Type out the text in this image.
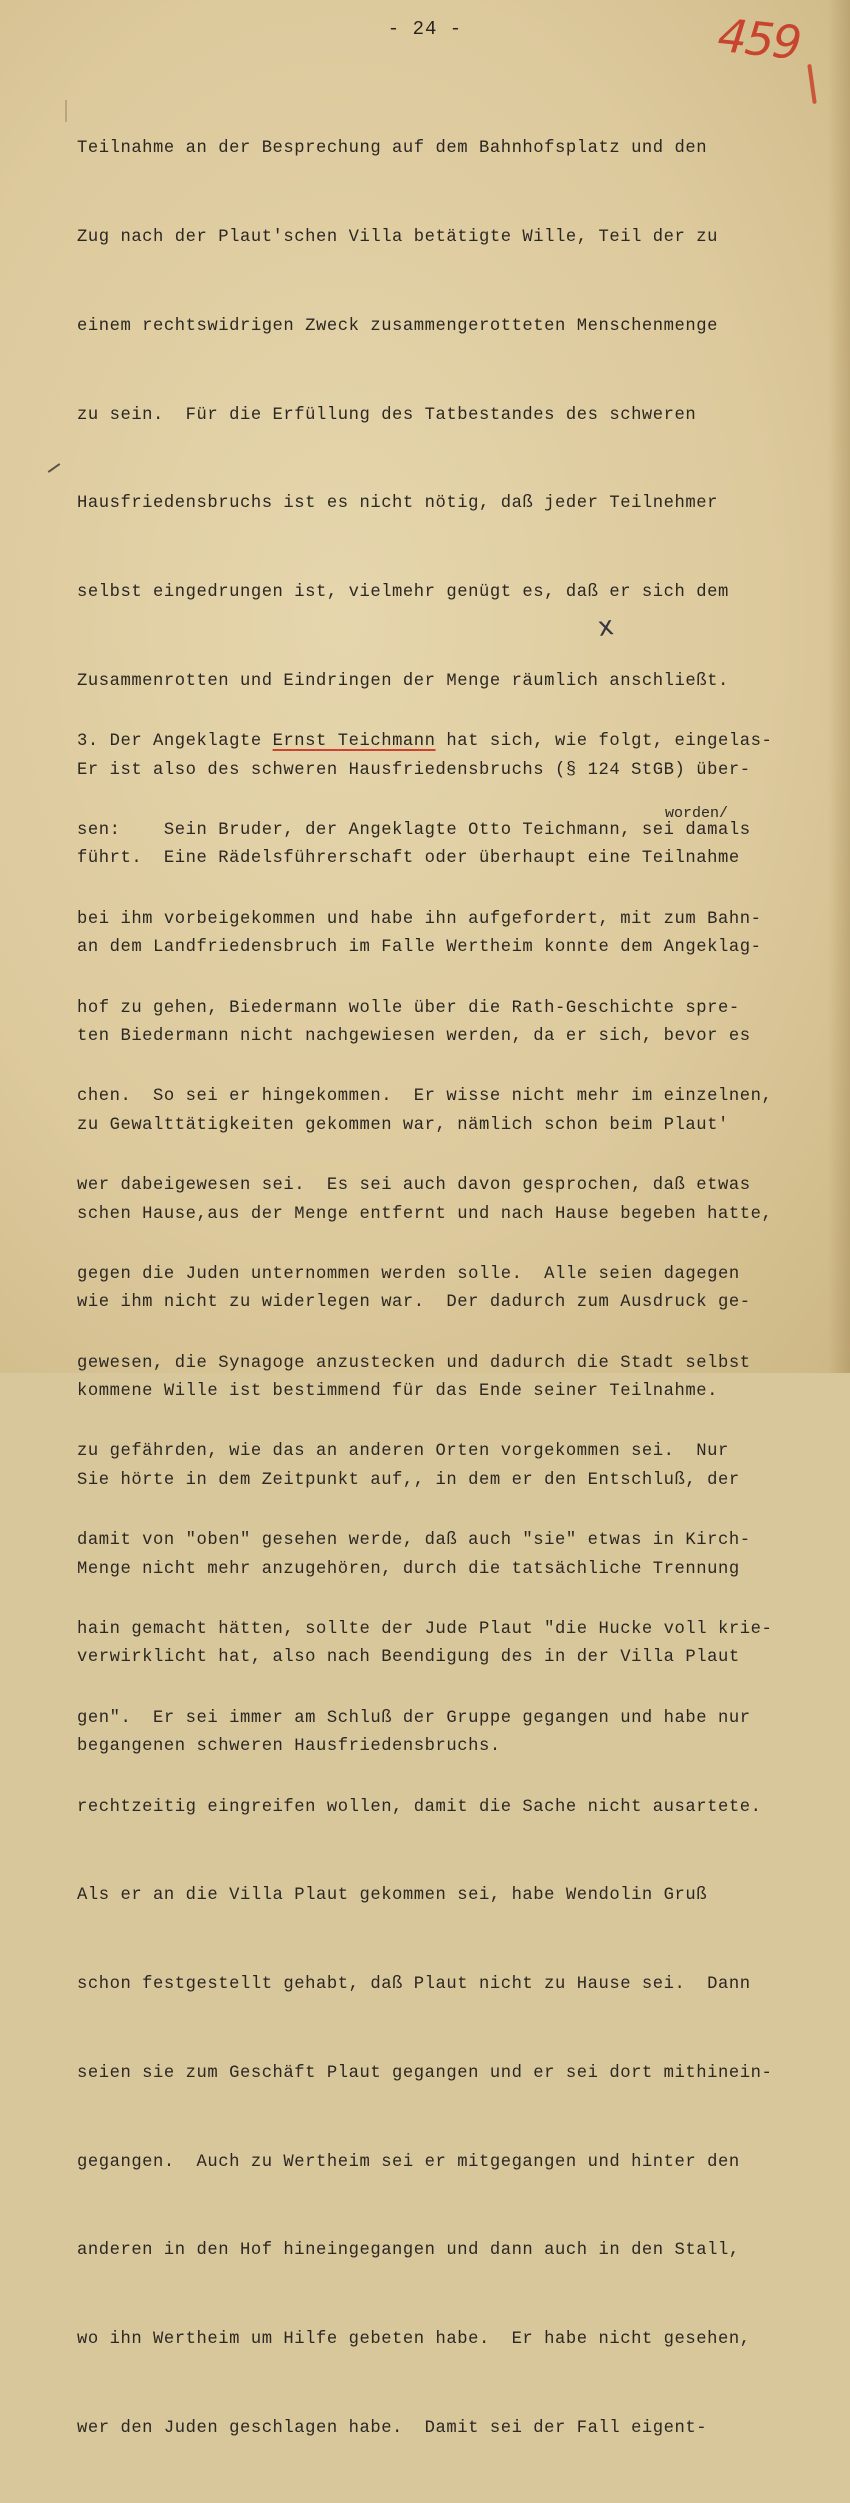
- 24 -	459

Teilnahme an der Besprechung auf dem Bahnhofsplatz und den

Zug nach der Plaut'schen Villa betätigte Wille, Teil der zu

einem rechtswidrigen Zweck zusammengerotteten Menschenmenge

zu sein.  Für die Erfüllung des Tatbestandes des schweren

Hausfriedensbruchs ist es nicht nötig, daß jeder Teilnehmer

selbst eingedrungen ist, vielmehr genügt es, daß er sich dem

Zusammenrotten und Eindringen der Menge räumlich anschließt.

Er ist also des schweren Hausfriedensbruchs (§ 124 StGB) über-

führt.  Eine Rädelsführerschaft oder überhaupt eine Teilnahme

an dem Landfriedensbruch im Falle Wertheim konnte dem Angeklag-

ten Biedermann nicht nachgewiesen werden, da er sich, bevor es

zu Gewalttätigkeiten gekommen war, nämlich schon beim Plaut'

schen Hause,aus der Menge entfernt und nach Hause begeben hatte,

wie ihm nicht zu widerlegen war.  Der dadurch zum Ausdruck ge-

kommene Wille ist bestimmend für das Ende seiner Teilnahme.

Sie hörte in dem Zeitpunkt auf,, in dem er den Entschluß, der

Menge nicht mehr anzugehören, durch die tatsächliche Trennung

verwirklicht hat, also nach Beendigung des in der Villa Plaut

begangenen schweren Hausfriedensbruchs.

x

3. Der Angeklagte Ernst Teichmann hat sich, wie folgt, eingelas-

sen:    Sein Bruder, der Angeklagte Otto Teichmann, sei damals

bei ihm vorbeigekommen und habe ihn aufgefordert, mit zum Bahn-

hof zu gehen, Biedermann wolle über die Rath-Geschichte spre-

chen.  So sei er hingekommen.  Er wisse nicht mehr im einzelnen,

wer dabeigewesen sei.  Es sei auch davon gesprochen, daß etwas

gegen die Juden unternommen werden solle.  Alle seien dagegen

gewesen, die Synagoge anzustecken und dadurch die Stadt selbst

zu gefährden, wie das an anderen Orten vorgekommen sei.  Nur

damit von "oben" gesehen werde, daß auch "sie" etwas in Kirch-

hain gemacht hätten, sollte der Jude Plaut "die Hucke voll krie-

gen".  Er sei immer am Schluß der Gruppe gegangen und habe nur

rechtzeitig eingreifen wollen, damit die Sache nicht ausartete.

Als er an die Villa Plaut gekommen sei, habe Wendolin Gruß

schon festgestellt gehabt, daß Plaut nicht zu Hause sei.  Dann

seien sie zum Geschäft Plaut gegangen und er sei dort mithinein-

gegangen.  Auch zu Wertheim sei er mitgegangen und hinter den

anderen in den Hof hineingegangen und dann auch in den Stall,

wo ihn Wertheim um Hilfe gebeten habe.  Er habe nicht gesehen,

wer den Juden geschlagen habe.  Damit sei der Fall eigent-

worden/
